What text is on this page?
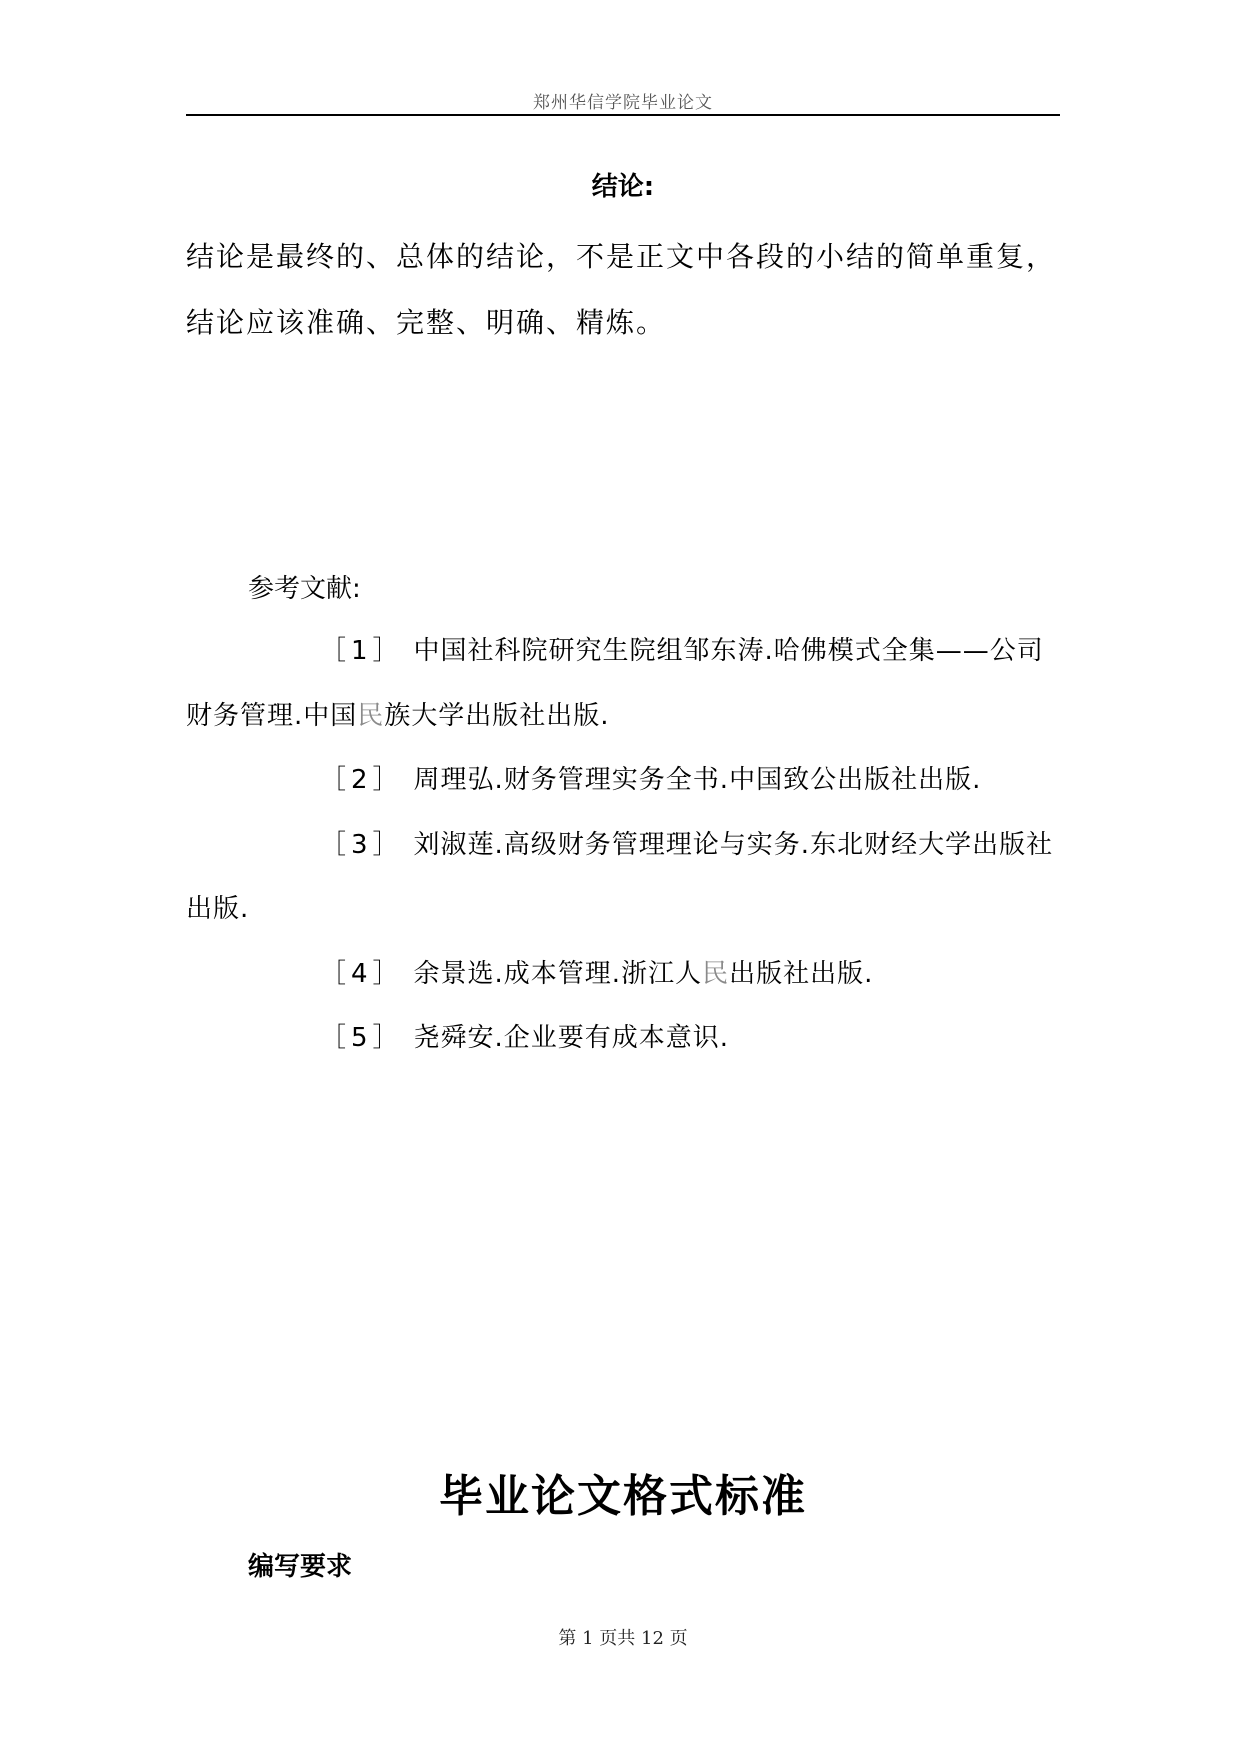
郑州华信学院毕业论文
结论:

结论是最终的、总体的结论，不是正文中各段的小结的简单重复，结论应该准确、完整、明确、精炼。

参考文献:
［1］ 中国社科院研究生院组邹东涛.哈佛模式全集——公司财务管理.中国民族大学出版社出版.
［2］ 周理弘.财务管理实务全书.中国致公出版社出版.
［3］ 刘淑莲.高级财务管理理论与实务.东北财经大学出版社出版.
［4］ 余景选.成本管理.浙江人民出版社出版.
［5］ 尧舜安.企业要有成本意识.
毕业论文格式标准
编写要求
第 1 页共 12 页
